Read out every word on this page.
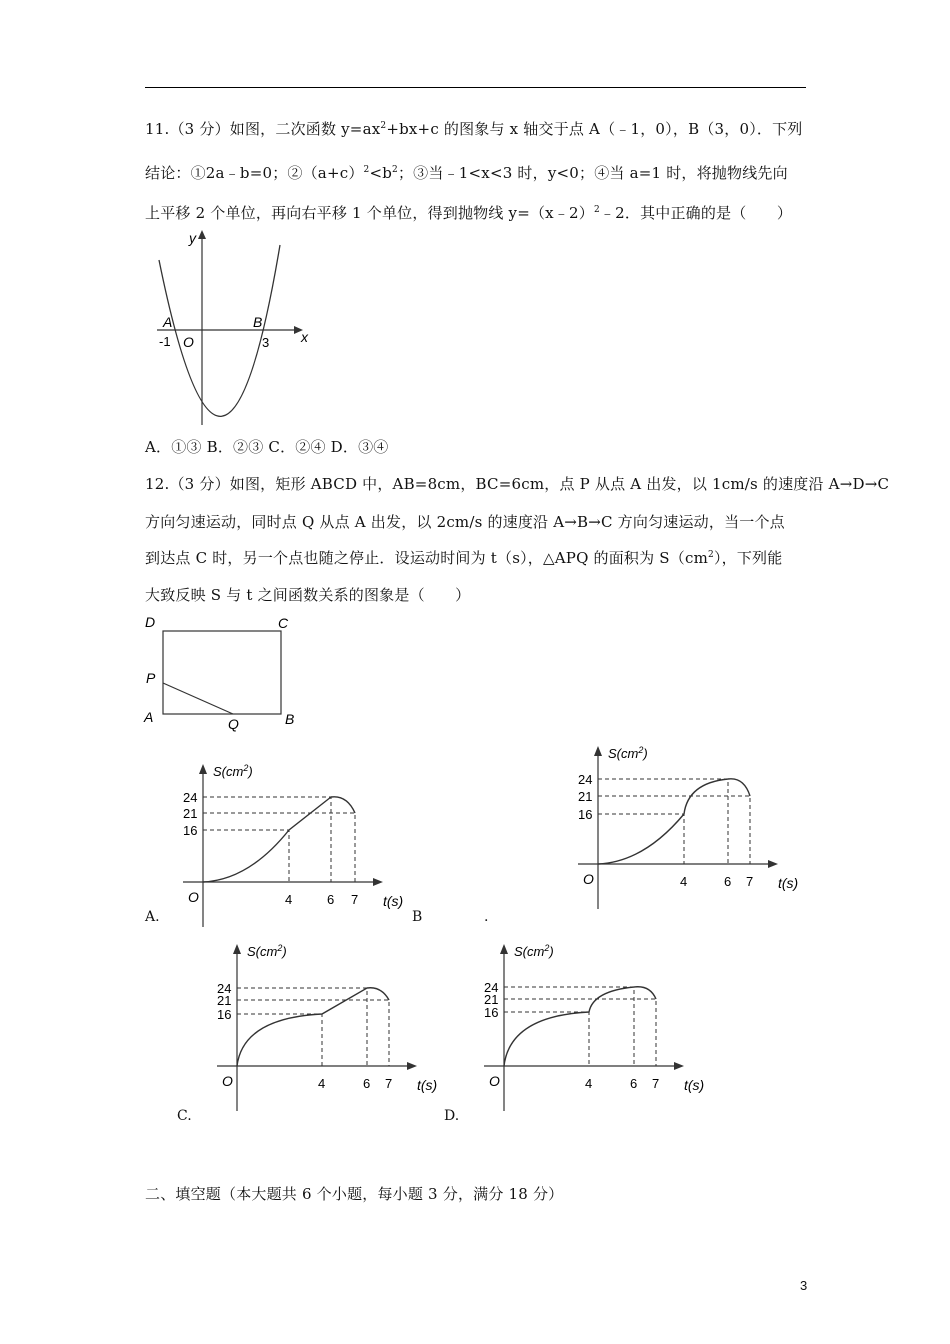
11.（3 分）如图，二次函数 $y=ax^2+bx+c$ 的图象与 x 轴交于点 A（﹣1，0），B（3，0）．下列
结论：①2a﹣b=0；$②(a+c)^2<b^2$；③当﹣1<x<3 时，y<0；④当 a=1 时，将抛物线先向
上平移 2 个单位，再向右平移 1 个单位，得到抛物线 y=（x﹣2）$^2$﹣2．其中正确的是（　　）
y
x
A	B
-1 O	3
A．①③ B．②③ C．②④ D．③④
12.（3 分）如图，矩形 ABCD 中，AB=8cm，BC=6cm，点 P 从点 A 出发，以 1cm/s 的速度沿 A→D→C
方向匀速运动，同时点 Q 从点 A 出发，以 2cm/s 的速度沿 A→B→C 方向匀速运动，当一个点
到达点 C 时，另一个点也随之停止．设运动时间为 t（s），△APQ 的面积为 $S(cm^2)$，下列能
大致反映 S 与 t 之间函数关系的图象是（　　）
D	C
P
A	Q	B
$S(cm^2)$
t(s)
O
24
21
16
4	6 7
$S(cm^2)$
t(s)
O
24
21
16
4	6 7
$S(cm^2)$
t(s)
O
24
21
16
4	6 7
$S(cm^2)$
t(s)
O
24
21
16
4	6 7
A.	B	.
C.	D.
二、填空题（本大题共 6 个小题，每小题 3 分，满分 18 分）
3
